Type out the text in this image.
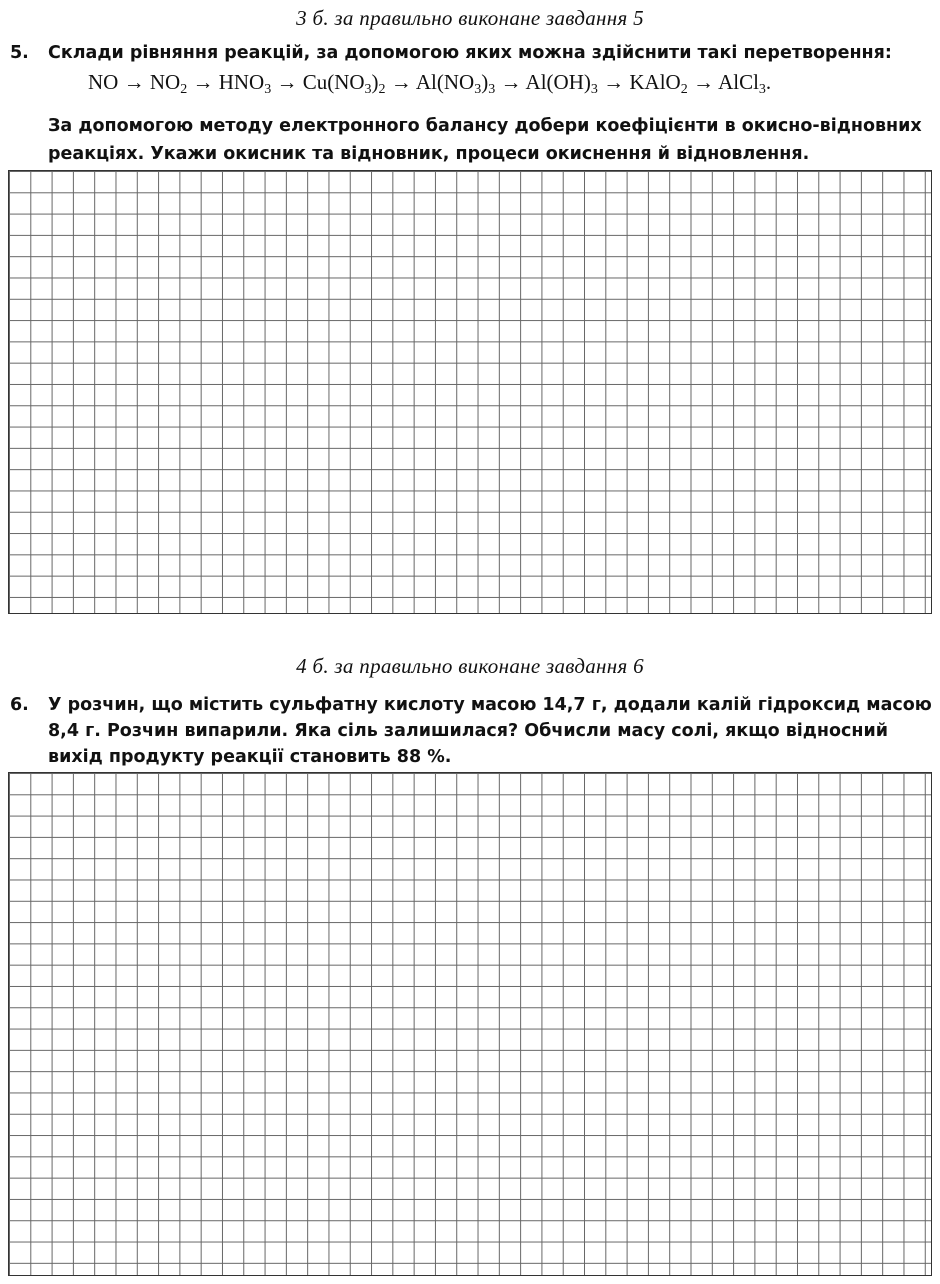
3 б. за правильно виконане завдання 5
5. Склади рівняння реакцій, за допомогою яких можна здійснити такі перетворення:
NO → $NO_2 \to HNO_3 \to Cu(NO_3)_2 \to Al(NO_3)_3 \to Al(OH)_3$ → KAlO$_2$ → AlCl$_3$.
За допомогою методу електронного балансу добери коефіцієнти в окисно-відновних реакціях. Укажи окисник та відновник, процеси окиснення й відновлення.
4 б. за правильно виконане завдання 6
6. У розчин, що містить сульфатну кислоту масою 14,7 г, додали калій гідроксид масою 8,4 г. Розчин випарили. Яка сіль залишилася? Обчисли масу солі, якщо відносний вихід продукту реакції становить 88 %.
